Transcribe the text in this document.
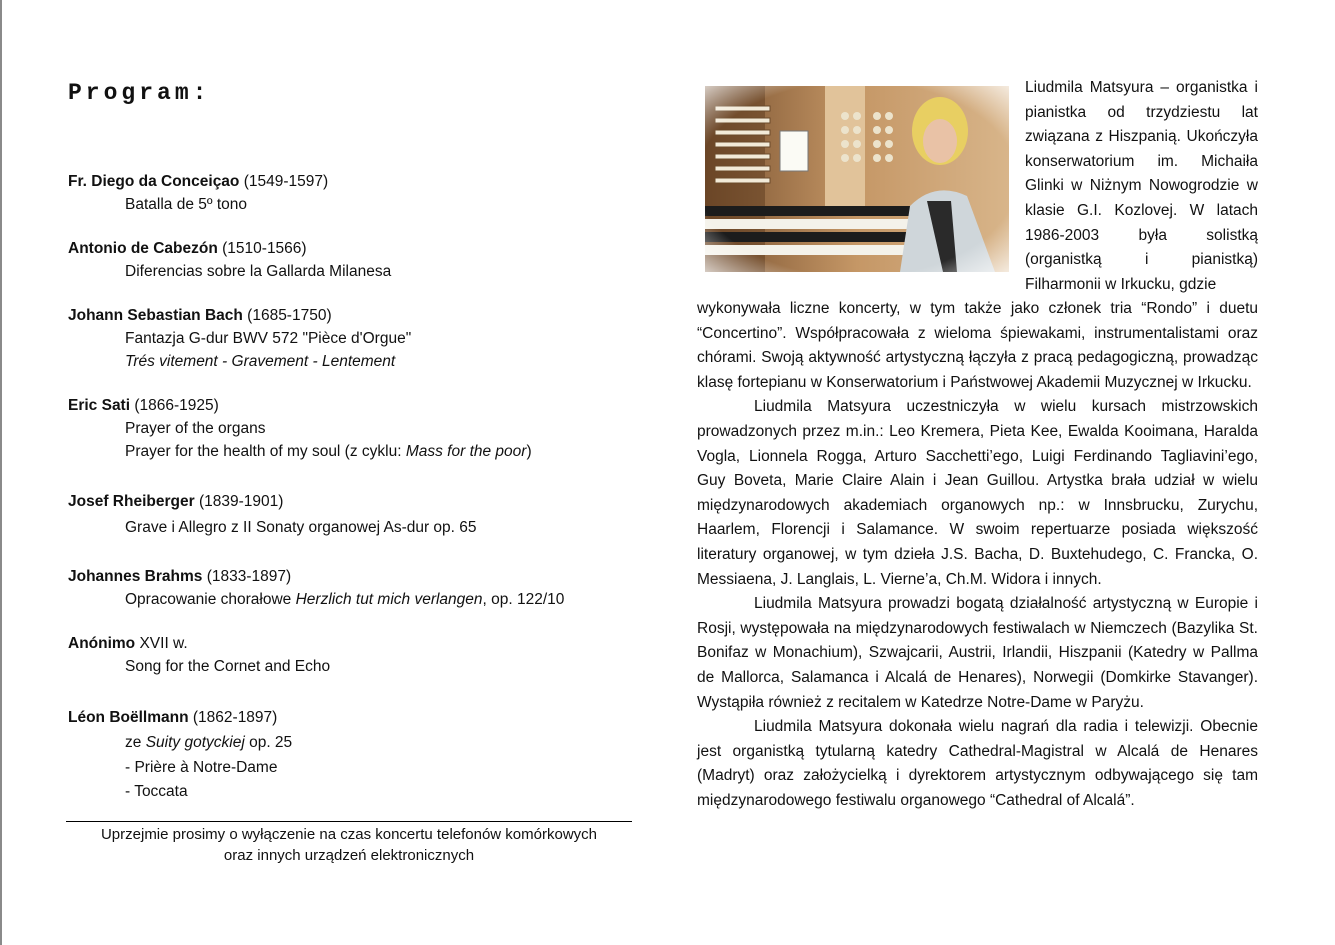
Program:
Fr. Diego da Conceiçao (1549-1597)
Batalla de 5º tono
Antonio de Cabezón (1510-1566)
Diferencias sobre la Gallarda Milanesa
Johann Sebastian Bach (1685-1750)
Fantazja G-dur BWV 572 "Pièce d'Orgue"
Trés vitement - Gravement - Lentement
Eric Sati (1866-1925)
Prayer of the organs
Prayer for the health of my soul (z cyklu: Mass for the poor)
Josef Rheiberger (1839-1901)
Grave i Allegro z II Sonaty organowej As-dur op. 65
Johannes Brahms (1833-1897)
Opracowanie chorałowe Herzlich tut mich verlangen, op. 122/10
Anónimo XVII w.
Song for the Cornet and Echo
Léon Boëllmann (1862-1897)
ze Suity gotyckiej op. 25
- Prière à Notre-Dame
- Toccata
Uprzejmie prosimy o wyłączenie na czas koncertu telefonów komórkowych
oraz innych urządzeń elektronicznych
Liudmila Matsyura – organistka i pianistka od trzydziestu lat związana z Hiszpanią. Ukończyła konserwatorium im. Michaiła Glinki w Niżnym Nowogrodzie w klasie G.I. Kozlovej. W latach 1986-2003 była solistką (organistką i pianistką) Filharmonii w Irkucku, gdzie

wykonywała liczne koncerty, w tym także jako członek tria “Rondo” i duetu “Concertino”. Współpracowała z wieloma śpiewakami, instrumentalistami oraz chórami. Swoją aktywność artystyczną łączyła z pracą pedagogiczną, prowadząc klasę fortepianu w Konserwatorium i Państwowej Akademii Muzycznej w Irkucku.

Liudmila Matsyura uczestniczyła w wielu kursach mistrzowskich prowadzonych przez m.in.: Leo Kremera, Pieta Kee, Ewalda Kooimana, Haralda Vogla, Lionnela Rogga, Arturo Sacchetti’ego, Luigi Ferdinando Tagliavini’ego, Guy Boveta, Marie Claire Alain i Jean Guillou. Artystka brała udział w wielu międzynarodowych akademiach organowych np.: w Innsbrucku, Zurychu, Haarlem, Florencji i Salamance. W swoim repertuarze posiada większość literatury organowej, w tym dzieła J.S. Bacha, D. Buxtehudego, C. Francka, O. Messiaena, J. Langlais, L. Vierne’a, Ch.M. Widora i innych.

Liudmila Matsyura prowadzi bogatą działalność artystyczną w Europie i Rosji, występowała na międzynarodowych festiwalach w Niemczech (Bazylika St. Bonifaz w Monachium), Szwajcarii, Austrii, Irlandii, Hiszpanii (Katedry w Pallma de Mallorca, Salamanca i Alcalá de Henares), Norwegii (Domkirke Stavanger). Wystąpiła również z recitalem w Katedrze Notre-Dame w Paryżu.

Liudmila Matsyura dokonała wielu nagrań dla radia i telewizji. Obecnie jest organistką tytularną katedry Cathedral-Magistral w Alcalá de Henares (Madryt) oraz założycielką i dyrektorem artystycznym odbywającego się tam międzynarodowego festiwalu organowego “Cathedral of Alcalá”.
